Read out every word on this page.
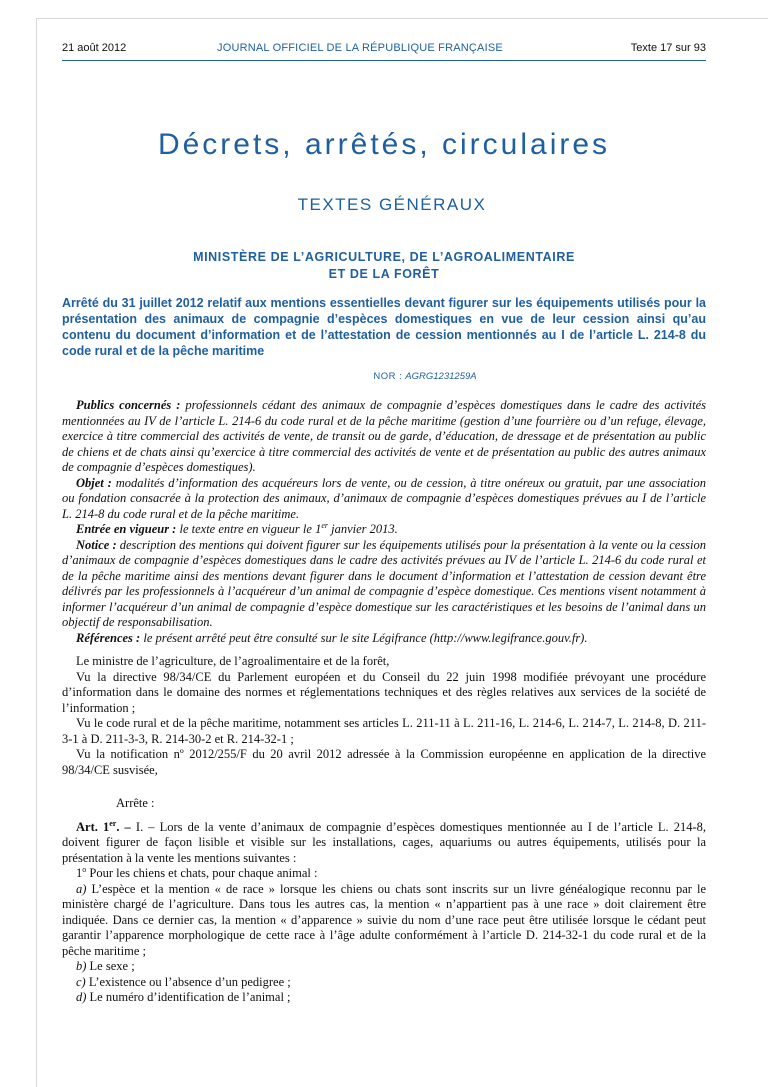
21 août 2012	JOURNAL OFFICIEL DE LA RÉPUBLIQUE FRANÇAISE	Texte 17 sur 93
Décrets, arrêtés, circulaires
TEXTES GÉNÉRAUX
MINISTÈRE DE L’AGRICULTURE, DE L’AGROALIMENTAIRE
ET DE LA FORÊT
Arrêté du 31 juillet 2012 relatif aux mentions essentielles devant figurer sur les équipements utilisés pour la présentation des animaux de compagnie d’espèces domestiques en vue de leur cession ainsi qu’au contenu du document d’information et de l’attestation de cession mentionnés au I de l’article L. 214-8 du code rural et de la pêche maritime
NOR : AGRG1231259A

Publics concernés : professionnels cédant des animaux de compagnie d’espèces domestiques dans le cadre des activités mentionnées au IV de l’article L. 214-6 du code rural et de la pêche maritime (gestion d’une fourrière ou d’un refuge, élevage, exercice à titre commercial des activités de vente, de transit ou de garde, d’éducation, de dressage et de présentation au public de chiens et de chats ainsi qu’exercice à titre commercial des activités de vente et de présentation au public des autres animaux de compagnie d’espèces domestiques).

Objet : modalités d’information des acquéreurs lors de vente, ou de cession, à titre onéreux ou gratuit, par une association ou fondation consacrée à la protection des animaux, d’animaux de compagnie d’espèces domestiques prévues au I de l’article L. 214-8 du code rural et de la pêche maritime.

Entrée en vigueur : le texte entre en vigueur le 1er janvier 2013.

Notice : description des mentions qui doivent figurer sur les équipements utilisés pour la présentation à la vente ou la cession d’animaux de compagnie d’espèces domestiques dans le cadre des activités prévues au IV de l’article L. 214-6 du code rural et de la pêche maritime ainsi des mentions devant figurer dans le document d’information et l’attestation de cession devant être délivrés par les professionnels à l’acquéreur d’un animal de compagnie d’espèce domestique. Ces mentions visent notamment à informer l’acquéreur d’un animal de compagnie d’espèce domestique sur les caractéristiques et les besoins de l’animal dans un objectif de responsabilisation.

Références : le présent arrêté peut être consulté sur le site Légifrance (http://www.legifrance.gouv.fr).

Le ministre de l’agriculture, de l’agroalimentaire et de la forêt,

Vu la directive 98/34/CE du Parlement européen et du Conseil du 22 juin 1998 modifiée prévoyant une procédure d’information dans le domaine des normes et réglementations techniques et des règles relatives aux services de la société de l’information ;

Vu le code rural et de la pêche maritime, notamment ses articles L. 211-11 à L. 211-16, L. 214-6, L. 214-7, L. 214-8, D. 211-3-1 à D. 211-3-3, R. 214-30-2 et R. 214-32-1 ;

Vu la notification nº 2012/255/F du 20 avril 2012 adressée à la Commission européenne en application de la directive 98/34/CE susvisée,

Arrête :

Art. 1er. – I. – Lors de la vente d’animaux de compagnie d’espèces domestiques mentionnée au I de l’article L. 214-8, doivent figurer de façon lisible et visible sur les installations, cages, aquariums ou autres équipements, utilisés pour la présentation à la vente les mentions suivantes :

1$^o$ Pour les chiens et chats, pour chaque animal :

a) L’espèce et la mention « de race » lorsque les chiens ou chats sont inscrits sur un livre généalogique reconnu par le ministère chargé de l’agriculture. Dans tous les autres cas, la mention « n’appartient pas à une race » doit clairement être indiquée. Dans ce dernier cas, la mention « d’apparence » suivie du nom d’une race peut être utilisée lorsque le cédant peut garantir l’apparence morphologique de cette race à l’âge adulte conformément à l’article D. 214-32-1 du code rural et de la pêche maritime ;

b) Le sexe ;

c) L’existence ou l’absence d’un pedigree ;

d) Le numéro d’identification de l’animal ;
